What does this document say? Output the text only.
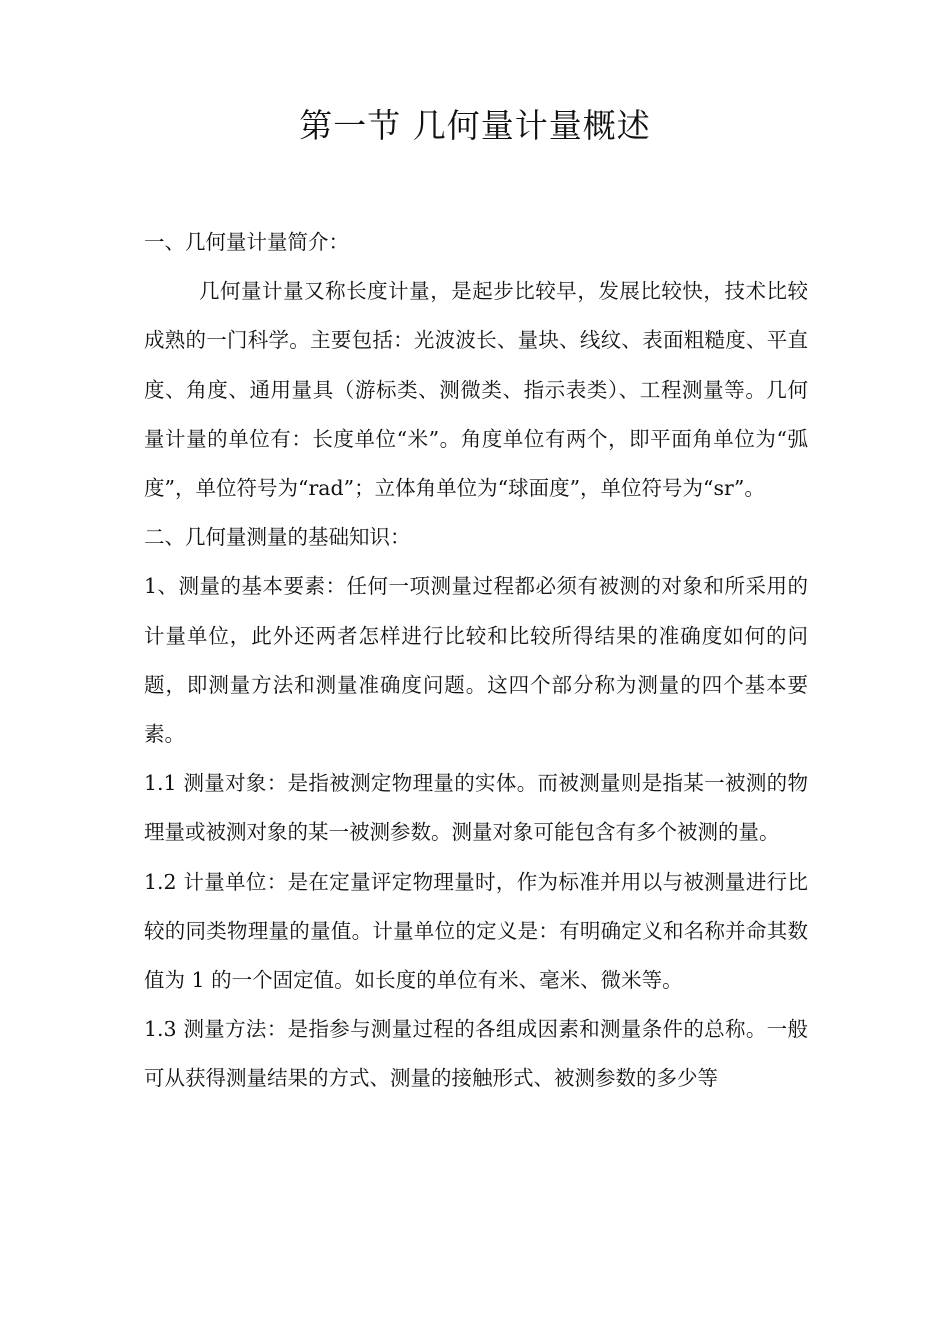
第一节 几何量计量概述

一、几何量计量简介：

几何量计量又称长度计量，是起步比较早，发展比较快，技术比较成熟的一门科学。主要包括：光波波长、量块、线纹、表面粗糙度、平直度、角度、通用量具（游标类、测微类、指示表类）、工程测量等。几何量计量的单位有：长度单位“米”。角度单位有两个，即平面角单位为“弧度”，单位符号为“rad”；立体角单位为“球面度”，单位符号为“sr”。

二、几何量测量的基础知识：

1、测量的基本要素：任何一项测量过程都必须有被测的对象和所采用的计量单位，此外还两者怎样进行比较和比较所得结果的准确度如何的问题，即测量方法和测量准确度问题。这四个部分称为测量的四个基本要素。

1.1 测量对象：是指被测定物理量的实体。而被测量则是指某一被测的物理量或被测对象的某一被测参数。测量对象可能包含有多个被测的量。

1.2 计量单位：是在定量评定物理量时，作为标准并用以与被测量进行比较的同类物理量的量值。计量单位的定义是：有明确定义和名称并命其数值为 1 的一个固定值。如长度的单位有米、毫米、微米等。

1.3 测量方法：是指参与测量过程的各组成因素和测量条件的总称。一般可从获得测量结果的方式、测量的接触形式、被测参数的多少等
